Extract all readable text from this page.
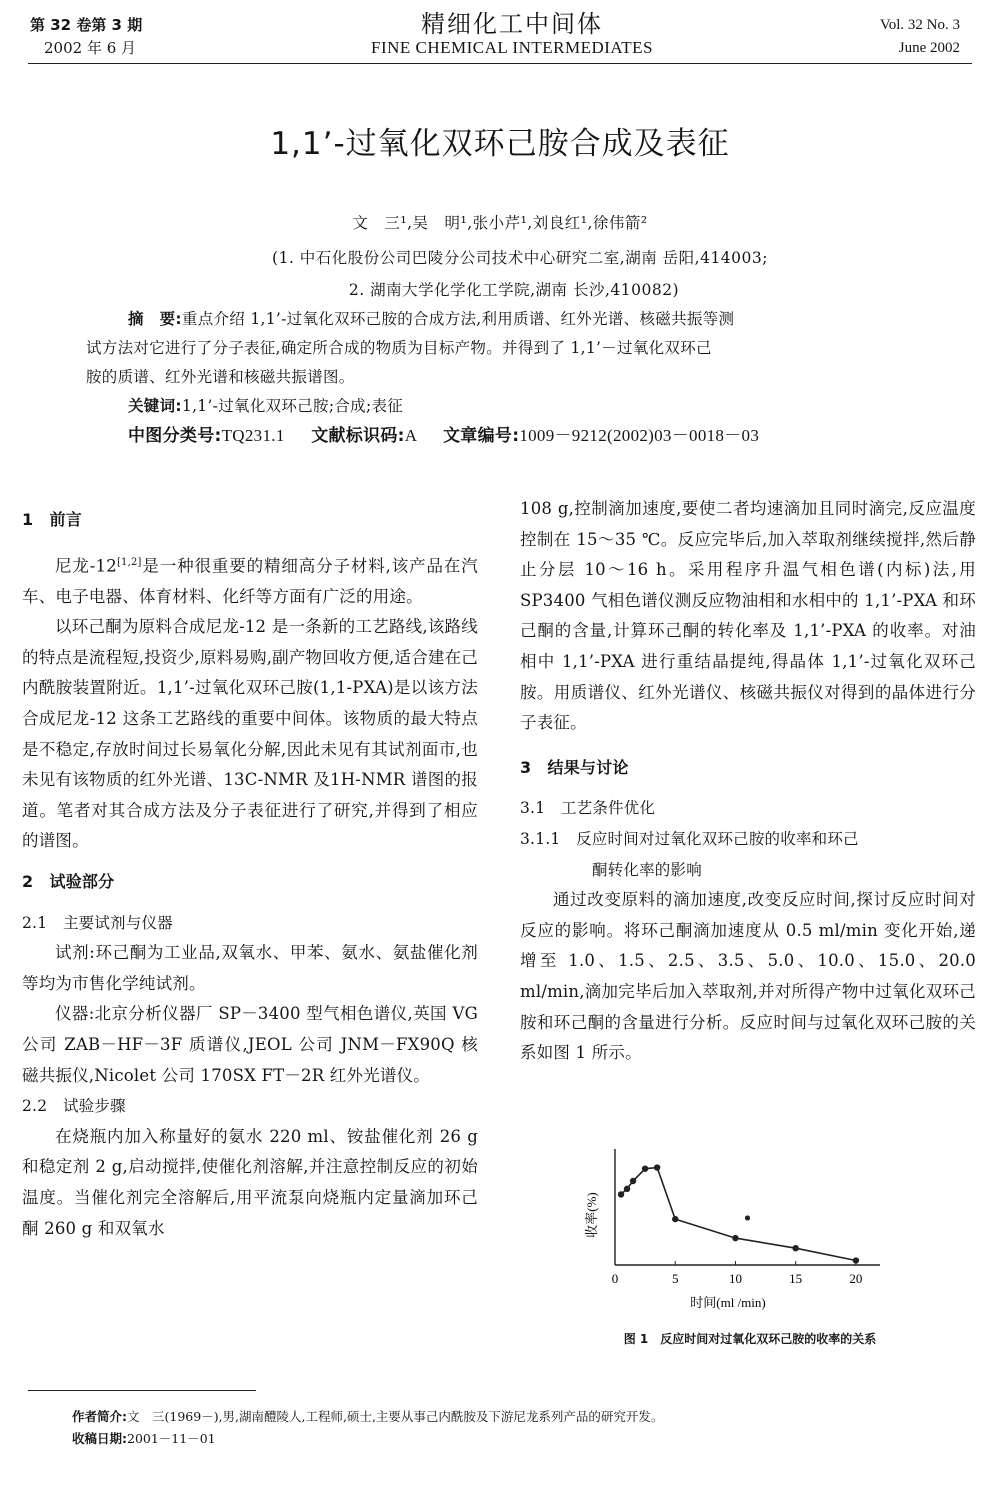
第 32 卷第 3 期
2002 年 6 月
精细化工中间体
FINE CHEMICAL INTERMEDIATES
Vol. 32 No. 3
June 2002
1,1’-过氧化双环己胺合成及表征
文　三¹,吴　明¹,张小芹¹,刘良红¹,徐伟箭²
(1. 中石化股份公司巴陵分公司技术中心研究二室,湖南 岳阳,414003;
2. 湖南大学化学化工学院,湖南 长沙,410082)
摘　要:重点介绍 1,1’-过氧化双环己胺的合成方法,利用质谱、红外光谱、核磁共振等测
试方法对它进行了分子表征,确定所合成的物质为目标产物。并得到了 1,1’－过氧化双环己
胺的质谱、红外光谱和核磁共振谱图。
关键词:1,1’-过氧化双环己胺;合成;表征
中图分类号:TQ231.1 文献标识码:A 文章编号:1009－9212(2002)03－0018－03

1　前言

尼龙-12[1,2]是一种很重要的精细高分子材料,该产品在汽车、电子电器、体育材料、化纤等方面有广泛的用途。

以环己酮为原料合成尼龙-12 是一条新的工艺路线,该路线的特点是流程短,投资少,原料易购,副产物回收方便,适合建在己内酰胺装置附近。1,1’-过氧化双环己胺(1,1-PXA)是以该方法合成尼龙-12 这条工艺路线的重要中间体。该物质的最大特点是不稳定,存放时间过长易氧化分解,因此未见有其试剂面市,也未见有该物质的红外光谱、13C-NMR 及1H-NMR 谱图的报道。笔者对其合成方法及分子表征进行了研究,并得到了相应的谱图。

2　试验部分

2.1　主要试剂与仪器

试剂:环己酮为工业品,双氧水、甲苯、氨水、氨盐催化剂等均为市售化学纯试剂。

仪器:北京分析仪器厂 SP－3400 型气相色谱仪,英国 VG 公司 ZAB－HF－3F 质谱仪,JEOL 公司 JNM－FX90Q 核磁共振仪,Nicolet 公司 170SX FT－2R 红外光谱仪。

2.2　试验步骤

在烧瓶内加入称量好的氨水 220 ml、铵盐催化剂 26 g 和稳定剂 2 g,启动搅拌,使催化剂溶解,并注意控制反应的初始温度。当催化剂完全溶解后,用平流泵向烧瓶内定量滴加环己酮 260 g 和双氧水

108 g,控制滴加速度,要使二者均速滴加且同时滴完,反应温度控制在 15～35 ℃。反应完毕后,加入萃取剂继续搅拌,然后静止分层 10～16 h。采用程序升温气相色谱(内标)法,用 SP3400 气相色谱仪测反应物油相和水相中的 1,1’-PXA 和环己酮的含量,计算环己酮的转化率及 1,1’-PXA 的收率。对油相中 1,1’-PXA 进行重结晶提纯,得晶体 1,1’-过氧化双环己胺。用质谱仪、红外光谱仪、核磁共振仪对得到的晶体进行分子表征。

3　结果与讨论

3.1　工艺条件优化

3.1.1　反应时间对过氧化双环己胺的收率和环己

酮转化率的影响

通过改变原料的滴加速度,改变反应时间,探讨反应时间对反应的影响。将环己酮滴加速度从 0.5 ml/min 变化开始,递增至 1.0、1.5、2.5、3.5、5.0、10.0、15.0、20.0 ml/min,滴加完毕后加入萃取剂,并对所得产物中过氧化双环己胺和环己酮的含量进行分析。反应时间与过氧化双环己胺的关系如图 1 所示。

0	5	10	15	20
收率(%)
时间(ml /min)
图 1　反应时间对过氧化双环己胺的收率的关系
作者简介:文　三(1969－),男,湖南醴陵人,工程师,硕士,主要从事己内酰胺及下游尼龙系列产品的研究开发。
收稿日期:2001－11－01
